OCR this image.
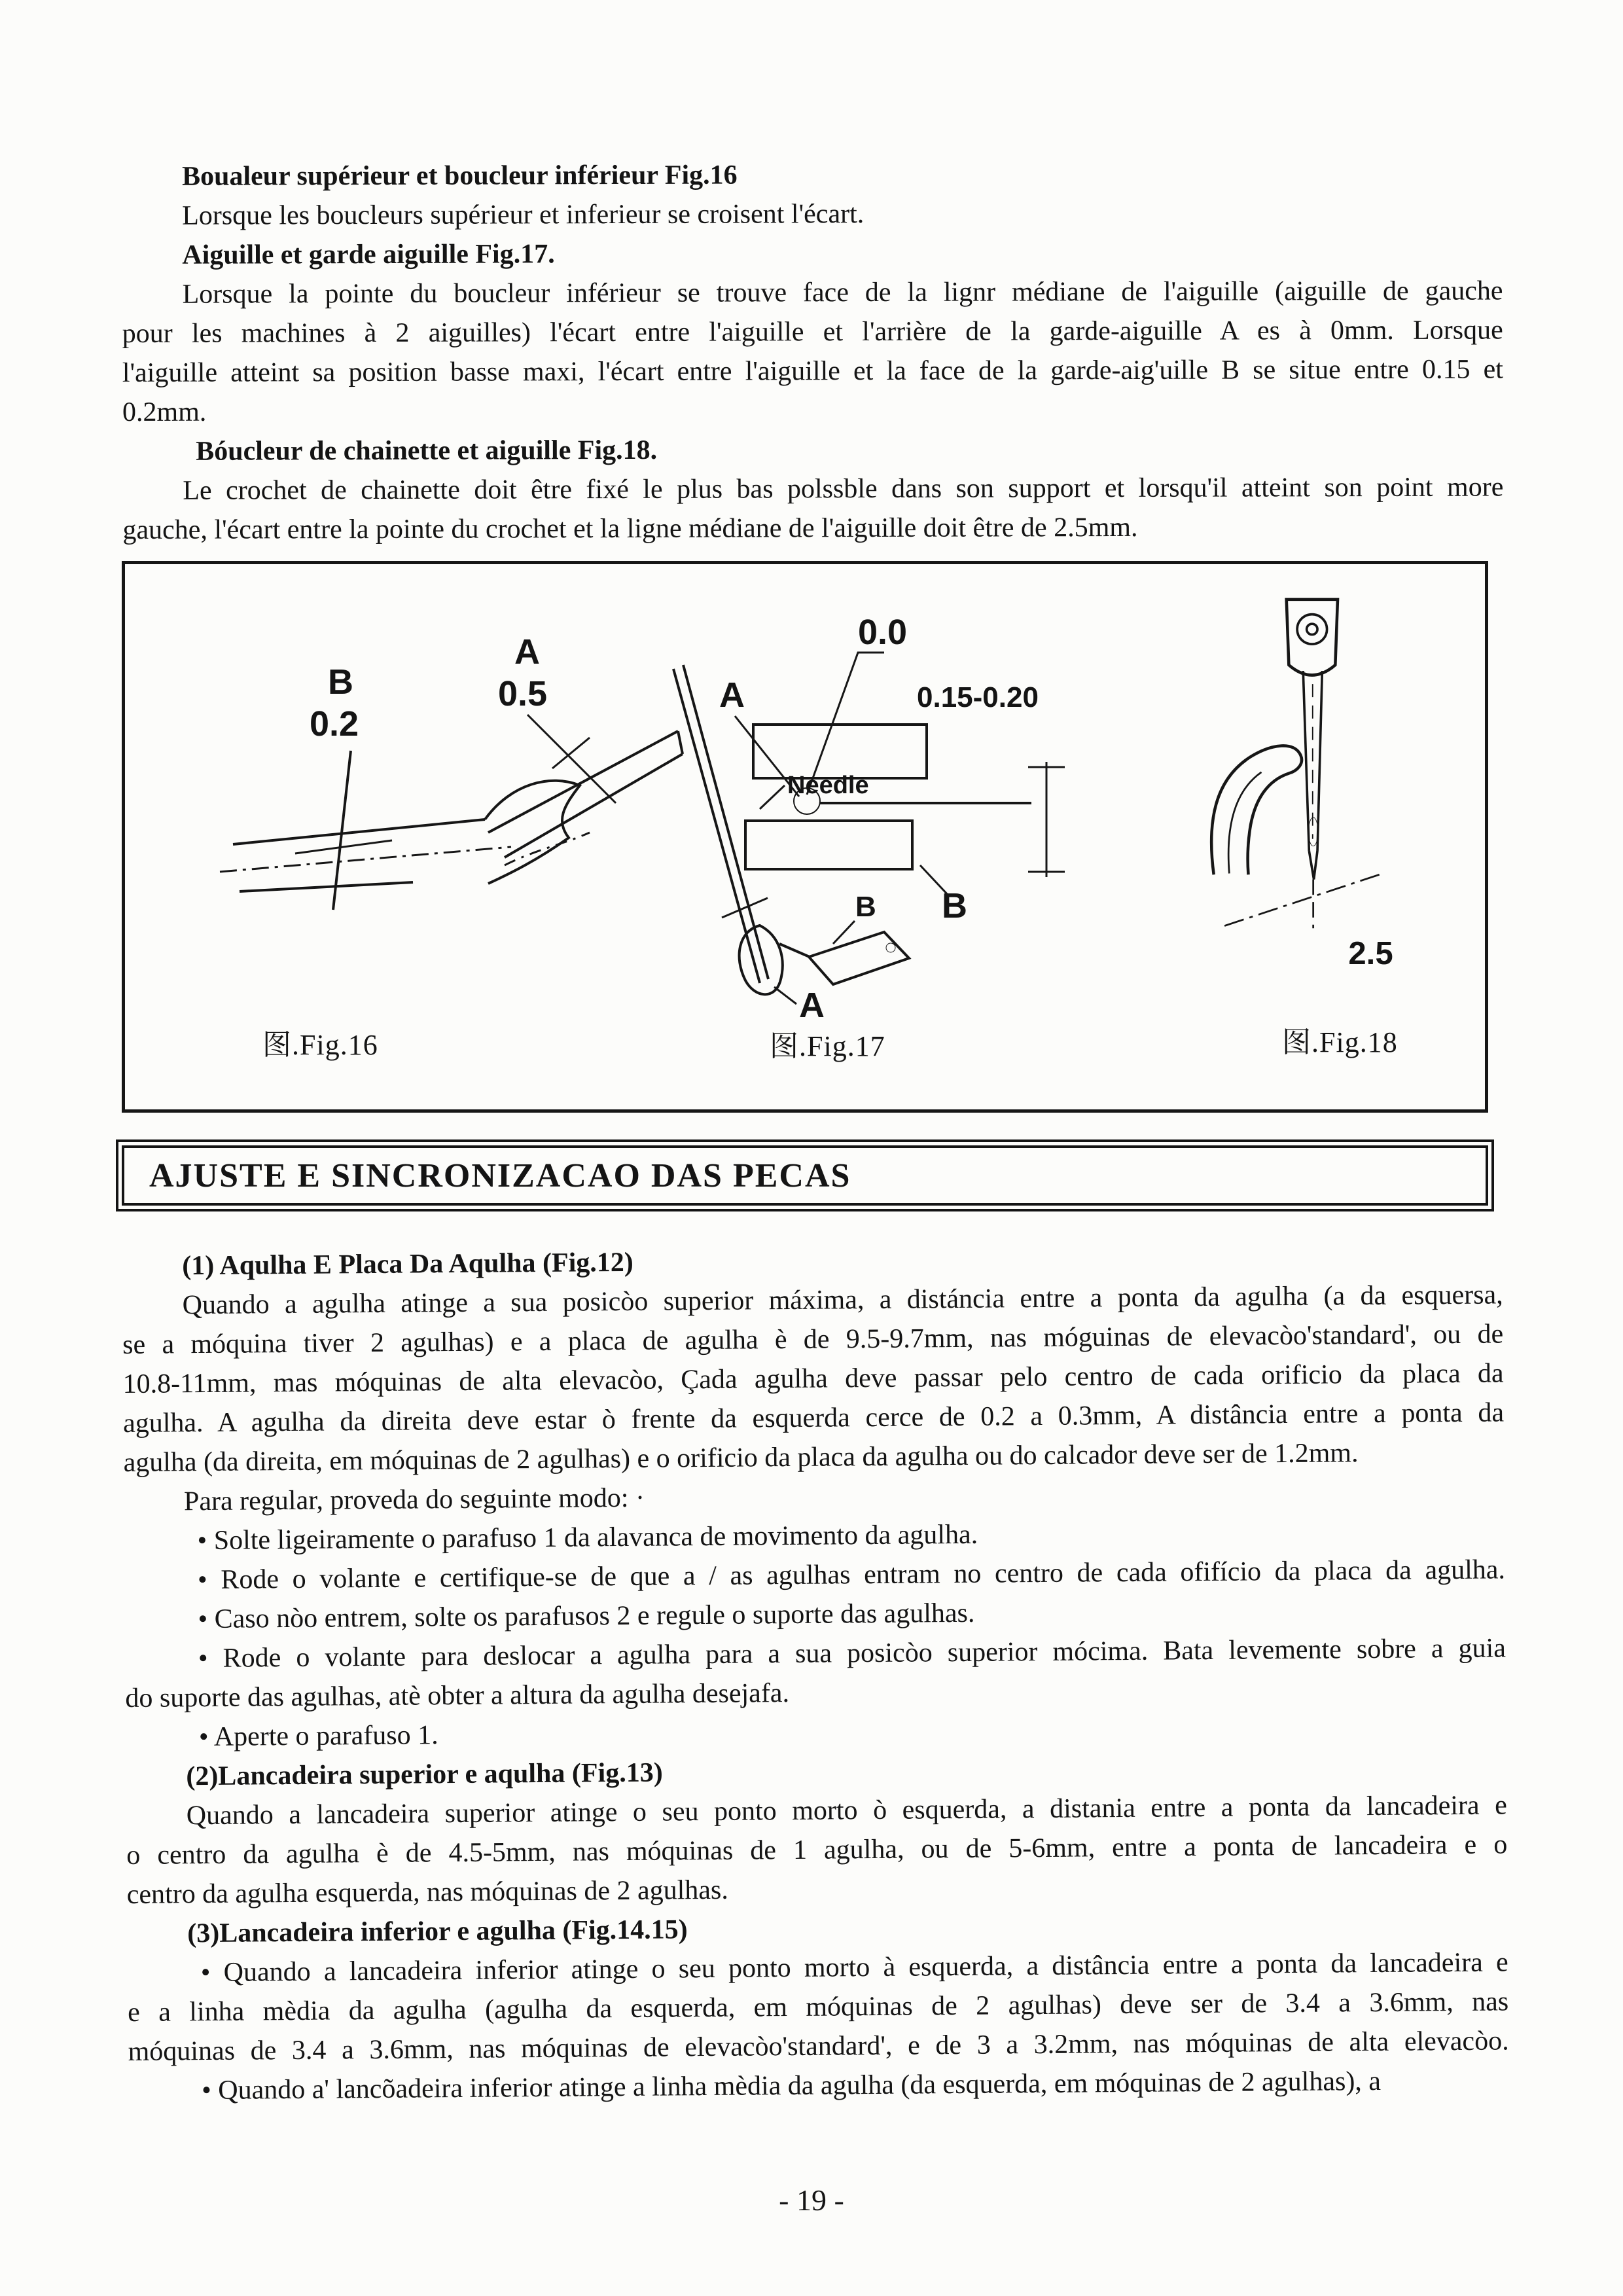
Boualeur supérieur et boucleur inférieur Fig.16
Lorsque les boucleurs supérieur et inferieur se croisent l'écart.
Aiguille et garde aiguille Fig.17.
Lorsque la pointe du boucleur inférieur se trouve face de la lignr médiane de l'aiguille (aiguille de gauche
pour les machines à 2 aiguilles) l'écart entre l'aiguille et l'arrière de la garde-aiguille A es à 0mm. Lorsque
l'aiguille atteint sa position basse maxi, l'écart entre l'aiguille et la face de la garde-aig'uille B se situe entre 0.15 et
0.2mm.
Bóucleur de chainette et aiguille Fig.18.
Le crochet de chainette doit être fixé le plus bas polssble dans son support et lorsqu'il atteint son point more
gauche, l'écart entre la pointe du crochet et la ligne médiane de l'aiguille doit être de 2.5mm.
B
0.2
A
0.5	A
0.0
0.15-0.20
B
Needle
B
A
2.5
图.Fig.16	图.Fig.17	图.Fig.18
AJUSTE E SINCRONIZACAO DAS PECAS
(1) Aqulha E Placa Da Aqulha (Fig.12)
Quando a agulha atinge a sua posicòo superior máxima, a distáncia entre a ponta da agulha (a da esquersa,
se a móquina tiver 2 agulhas) e a placa de agulha è de 9.5-9.7mm, nas móguinas de elevacòo'standard', ou de
10.8-11mm, mas móquinas de alta elevacòo, Çada agulha deve passar pelo centro de cada orificio da placa da
agulha. A agulha da direita deve estar ò frente da esquerda cerce de 0.2 a 0.3mm, A distância entre a ponta da
agulha (da direita, em móquinas de 2 agulhas) e o orificio da placa da agulha ou do calcador deve ser de 1.2mm.
Para regular, proveda do seguinte modo: ·
• Solte ligeiramente o parafuso 1 da alavanca de movimento da agulha.
• Rode o volante e certifique-se de que a / as agulhas entram no centro de cada ofifício da placa da agulha.
• Caso nòo entrem, solte os parafusos 2 e regule o suporte das agulhas.
• Rode o volante para deslocar a agulha para a sua posicòo superior mócima. Bata levemente sobre a guia
do suporte das agulhas, atè obter a altura da agulha desejafa.
• Aperte o parafuso 1.
(2)Lancadeira superior e aqulha (Fig.13)
Quando a lancadeira superior atinge o seu ponto morto ò esquerda, a distania entre a ponta da lancadeira e
o centro da agulha è de 4.5-5mm, nas móquinas de 1 agulha, ou de 5-6mm, entre a ponta de lancadeira e o
centro da agulha esquerda, nas móquinas de 2 agulhas.
(3)Lancadeira inferior e agulha (Fig.14.15)
• Quando a lancadeira inferior atinge o seu ponto morto à esquerda, a distância entre a ponta da lancadeira e
e a linha mèdia da agulha (agulha da esquerda, em móquinas de 2 agulhas) deve ser de 3.4 a 3.6mm, nas
móquinas de 3.4 a 3.6mm, nas móquinas de elevacòo'standard', e de 3 a 3.2mm, nas móquinas de alta elevacòo.
• Quando a' lancõadeira inferior atinge a linha mèdia da agulha (da esquerda, em móquinas de 2 agulhas), a
- 19 -
